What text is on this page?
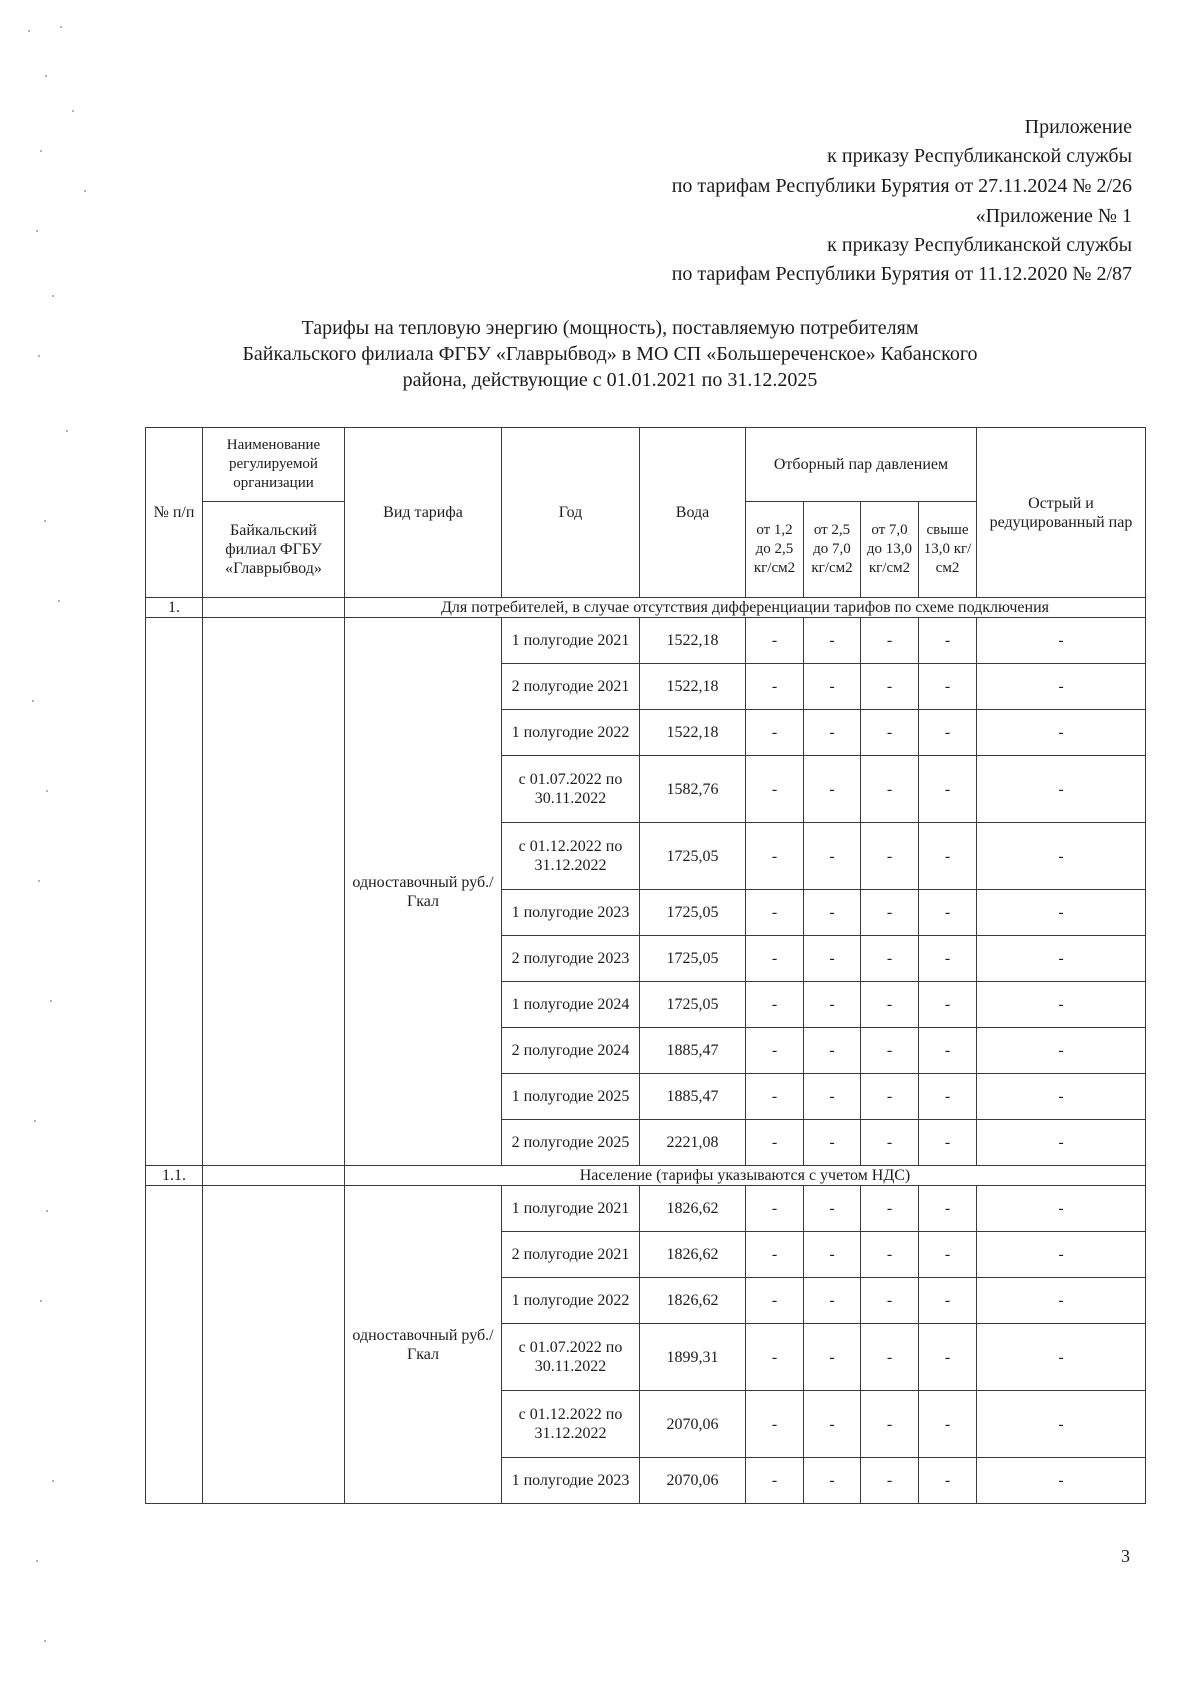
Приложение
к приказу Республиканской службы
по тарифам Республики Бурятия от 27.11.2024 № 2/26
«Приложение № 1
к приказу Республиканской службы
по тарифам Республики Бурятия от 11.12.2020 № 2/87
Тарифы на тепловую энергию (мощность), поставляемую потребителям
Байкальского филиала ФГБУ «Главрыбвод» в МО СП «Большереченское» Кабанского
района, действующие с 01.01.2021 по 31.12.2025
№ п/п	Наименование регулируемой организации	Вид тарифа	Год	Вода	Отборный пар давлением				Острый и редуцированный пар
	Байкальский филиал ФГБУ «Главрыбвод»				от 1,2 до 2,5 кг/см2	от 2,5 до 7,0 кг/см2	от 7,0 до 13,0 кг/см2	свыше 13,0 кг/см2	
1.		Для потребителей, в случае отсутствия дифференциации тарифов по схеме подключения							
		одноставочный руб./Гкал	1 полугодие 2021	1522,18	-	-	-	-	-
			2 полугодие 2021	1522,18	-	-	-	-	-
			1 полугодие 2022	1522,18	-	-	-	-	-
			с 01.07.2022 по 30.11.2022	1582,76	-	-	-	-	-
			с 01.12.2022 по 31.12.2022	1725,05	-	-	-	-	-
			1 полугодие 2023	1725,05	-	-	-	-	-
			2 полугодие 2023	1725,05	-	-	-	-	-
			1 полугодие 2024	1725,05	-	-	-	-	-
			2 полугодие 2024	1885,47	-	-	-	-	-
			1 полугодие 2025	1885,47	-	-	-	-	-
			2 полугодие 2025	2221,08	-	-	-	-	-
1.1.		Население (тарифы указываются с учетом НДС)							
		одноставочный руб./Гкал	1 полугодие 2021	1826,62	-	-	-	-	-
			2 полугодие 2021	1826,62	-	-	-	-	-
			1 полугодие 2022	1826,62	-	-	-	-	-
			с 01.07.2022 по 30.11.2022	1899,31	-	-	-	-	-
			с 01.12.2022 по 31.12.2022	2070,06	-	-	-	-	-
			1 полугодие 2023	2070,06	-	-	-	-	-
3
